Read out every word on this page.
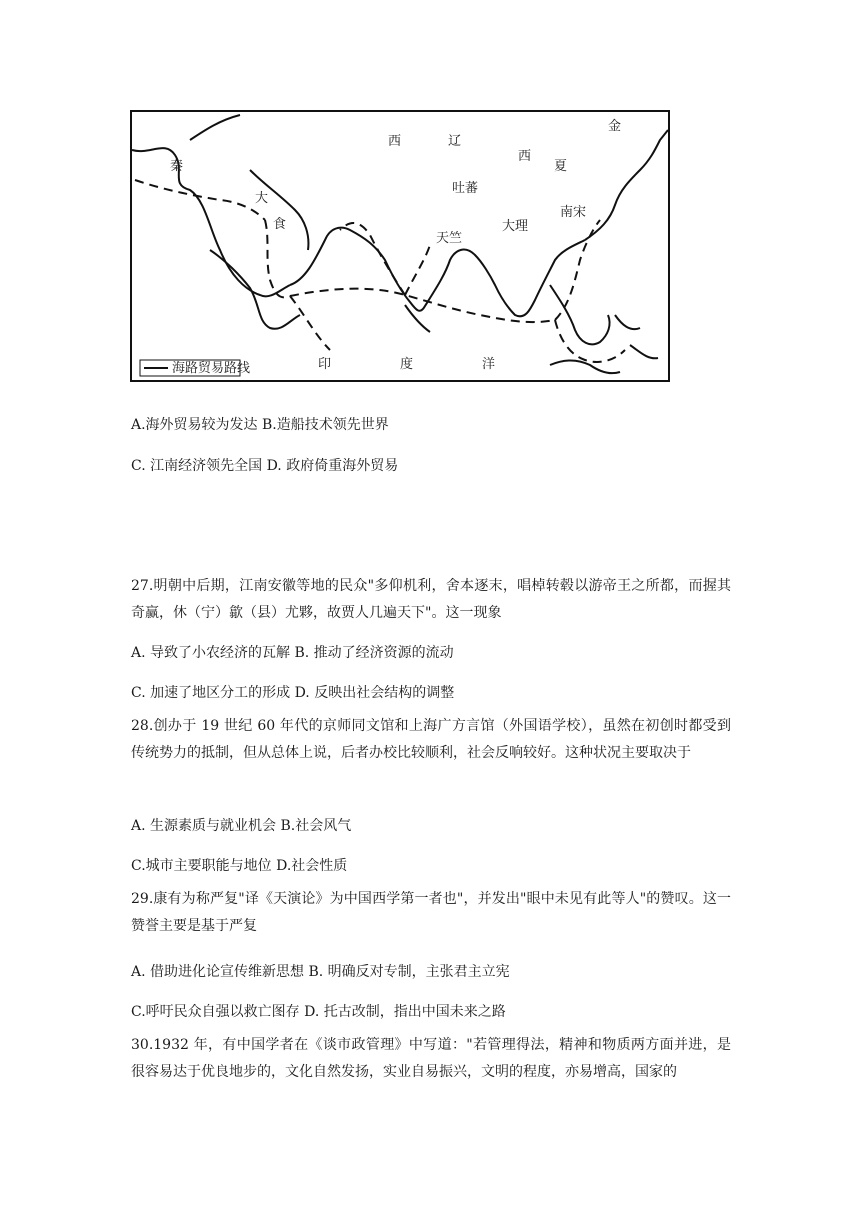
海路贸易路线
秦
大
食
西	辽
西
夏
金
吐蕃
天竺
大理
南宋
印	度	洋
A.海外贸易较为发达 B.造船技术领先世界
C. 江南经济领先全国 D. 政府倚重海外贸易
27.明朝中后期，江南安徽等地的民众"多仰机利，舍本逐末，唱棹转毂以游帝王之所都，而握其奇赢，休（宁）歙（县）尤夥，故贾人几遍天下"。这一现象
A. 导致了小农经济的瓦解 B. 推动了经济资源的流动
C. 加速了地区分工的形成 D. 反映出社会结构的调整
28.创办于 19 世纪 60 年代的京师同文馆和上海广方言馆（外国语学校），虽然在初创时都受到传统势力的抵制，但从总体上说，后者办校比较顺利，社会反响较好。这种状况主要取决于
A. 生源素质与就业机会 B.社会风气
C.城市主要职能与地位 D.社会性质
29.康有为称严复"译《天演论》为中国西学第一者也"，并发出"眼中未见有此等人"的赞叹。这一赞誉主要是基于严复
A. 借助进化论宣传维新思想 B. 明确反对专制，主张君主立宪
C.呼吁民众自强以救亡图存 D. 托古改制，指出中国未来之路
30.1932 年，有中国学者在《谈市政管理》中写道："若管理得法，精神和物质两方面并进，是很容易达于优良地步的，文化自然发扬，实业自易振兴，文明的程度，亦易增高，国家的
